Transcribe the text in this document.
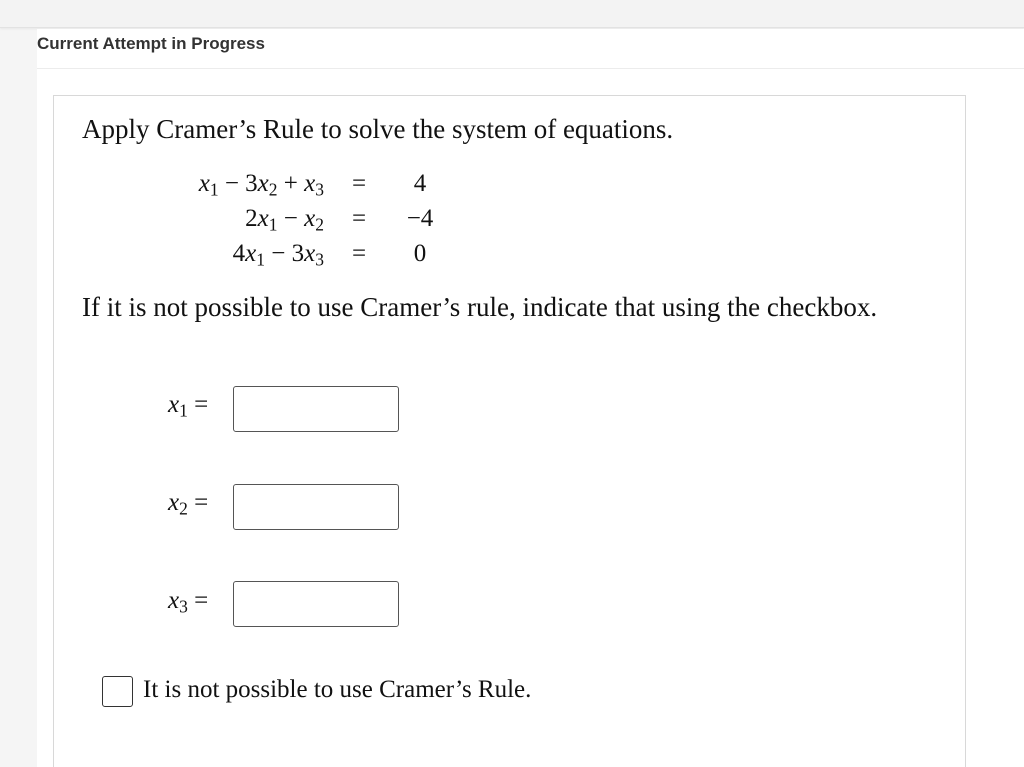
Current Attempt in Progress
Apply Cramer’s Rule to solve the system of equations.
$x_1 - 3x_2 + x_3$ =	4
$2x_1 - x_2$ =	−4
$4x_1 - 3x_3$ =	0
If it is not possible to use Cramer’s rule, indicate that using the checkbox.
$x_1$ =
$x_2$ =
$x_3$ =
It is not possible to use Cramer’s Rule.
